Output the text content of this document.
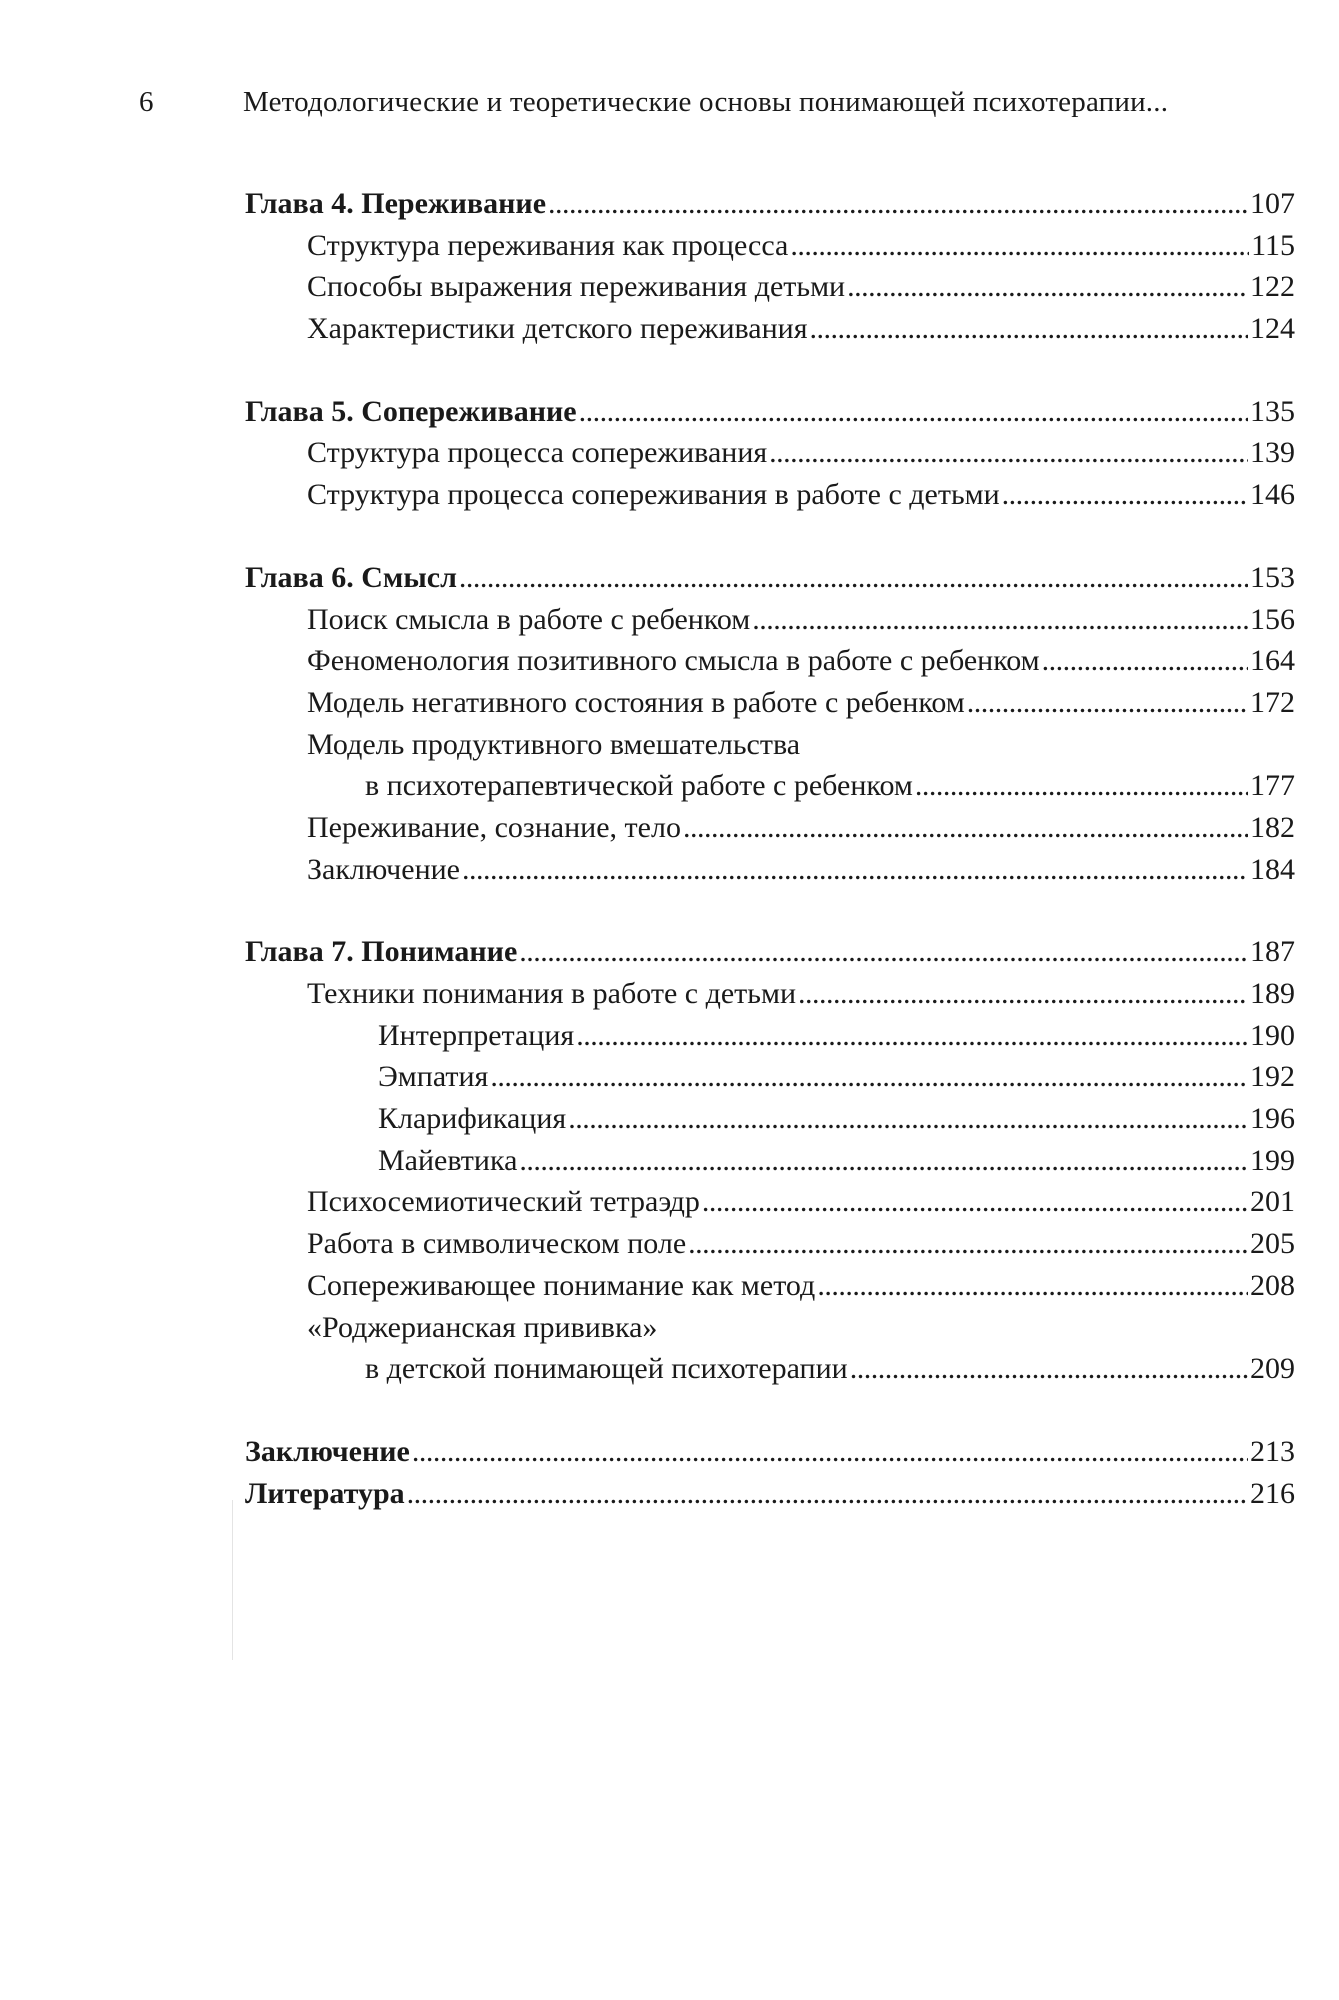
6	Методологические и теоретические основы понимающей психотерапии...
Глава 4. Переживание . . .	107
Структура переживания как процесса . . .	115
Способы выражения переживания детьми . . .	122
Характеристики детского переживания . . .	124
Глава 5. Сопереживание . . .	135
Структура процесса сопереживания . . .	139
Структура процесса сопереживания в работе с детьми . . .	146
Глава 6. Смысл . . .	153
Поиск смысла в работе с ребенком . . .	156
Феноменология позитивного смысла в работе с ребенком . . .	164
Модель негативного состояния в работе с ребенком . . .	172
Модель продуктивного вмешательства
в психотерапевтической работе с ребенком . . .	177
Переживание, сознание, тело . . .	182
Заключение . . .	184
Глава 7. Понимание . . .	187
Техники понимания в работе с детьми . . .	189
Интерпретация . . .	190
Эмпатия . . .	192
Кларификация . . .	196
Майевтика . . .	199
Психосемиотический тетраэдр . . .	201
Работа в символическом поле . . .	205
Сопереживающее понимание как метод . . .	208
«Роджерианская прививка»
в детской понимающей психотерапии . . .	209
Заключение . . .	213
Литература . . .	216
